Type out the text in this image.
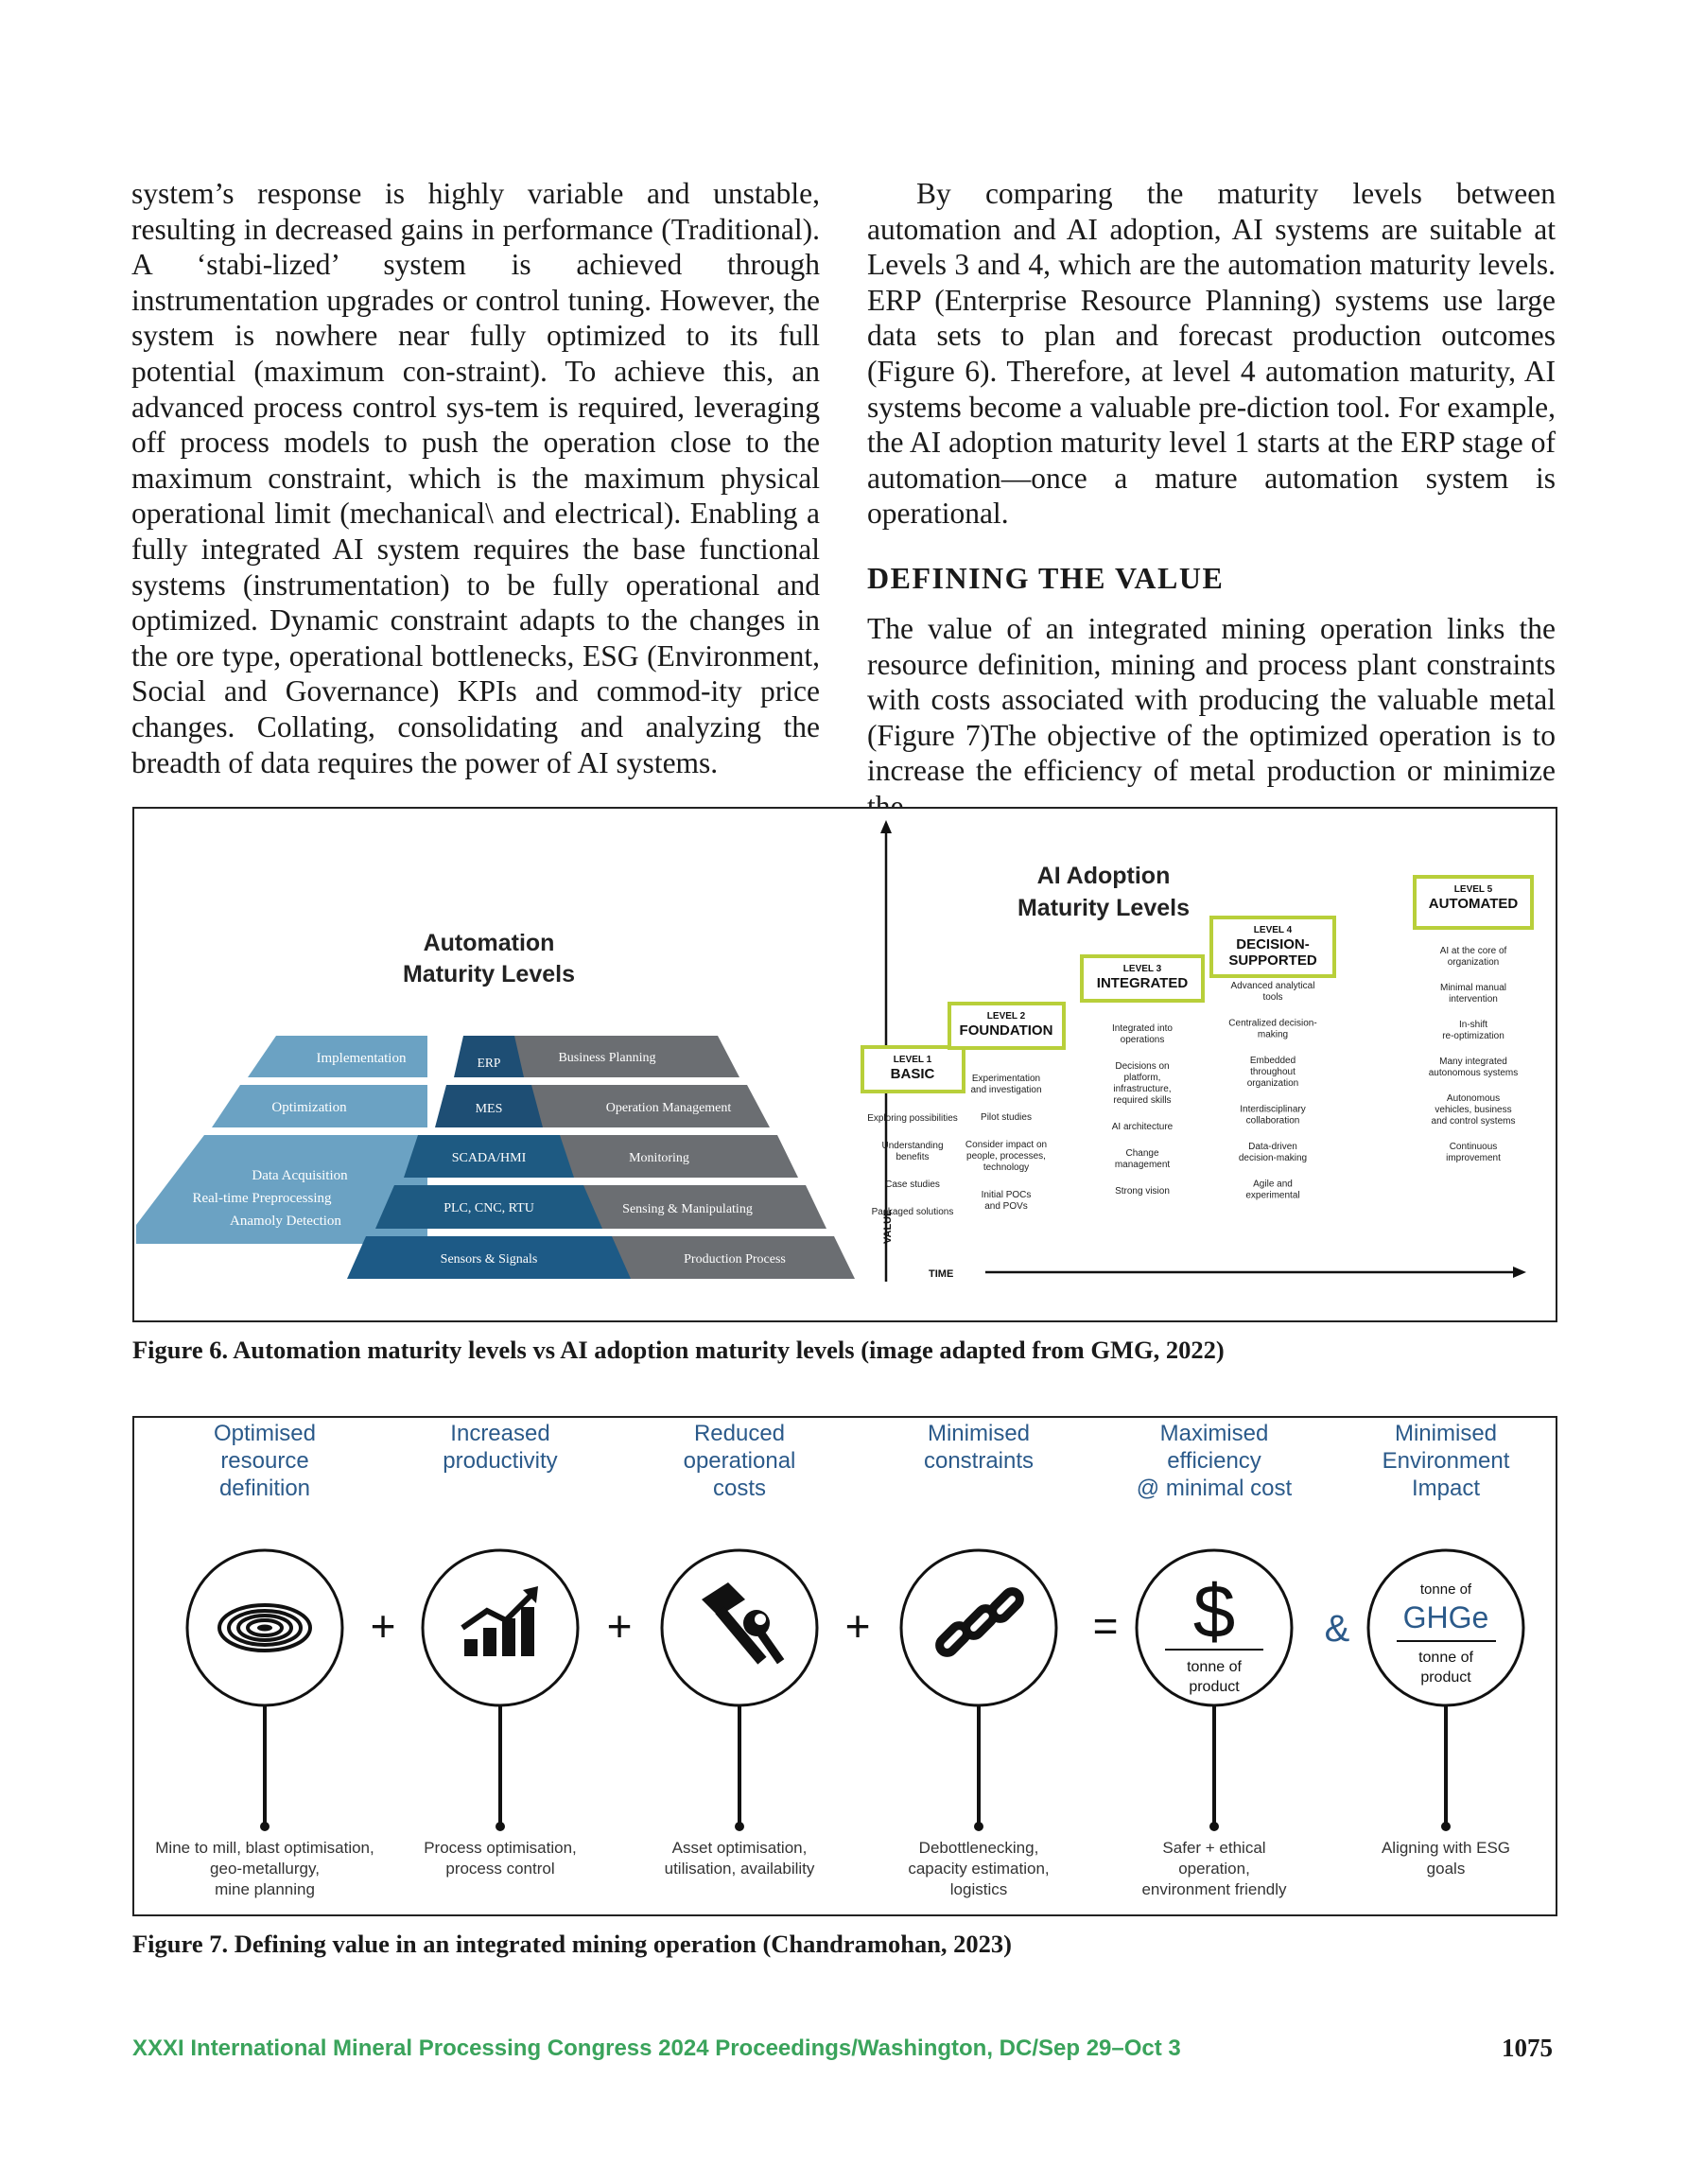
system’s response is highly variable and unstable, resulting in decreased gains in performance (Traditional). A ‘stabi-lized’ system is achieved through instrumentation upgrades or control tuning. However, the system is nowhere near fully optimized to its full potential (maximum con-straint). To achieve this, an advanced process control sys-tem is required, leveraging off process models to push the operation close to the maximum constraint, which is the maximum physical operational limit (mechanical\ and electrical). Enabling a fully integrated AI system requires the base functional systems (instrumentation) to be fully operational and optimized. Dynamic constraint adapts to the changes in the ore type, operational bottlenecks, ESG (Environment, Social and Governance) KPIs and commod-ity price changes. Collating, consolidating and analyzing the breadth of data requires the power of AI systems.

By comparing the maturity levels between automation and AI adoption, AI systems are suitable at Levels 3 and 4, which are the automation maturity levels. ERP (Enterprise Resource Planning) systems use large data sets to plan and forecast production outcomes (Figure 6). Therefore, at level 4 automation maturity, AI systems become a valuable pre-diction tool. For example, the AI adoption maturity level 1 starts at the ERP stage of automation—once a mature automation system is operational.

DEFINING THE VALUE

The value of an integrated mining operation links the resource definition, mining and process plant constraints with costs associated with producing the valuable metal (Figure 7)The objective of the optimized operation is to increase the efficiency of metal production or minimize

Automation
Maturity Levels
Implementation
Optimization
Data Acquisition
Real-time Preprocessing
Anamoly Detection
ERP
MES
SCADA/HMI
PLC, CNC, RTU
Sensors & Signals
Business Planning
Operation Management
Monitoring
Sensing & Manipulating
Production Process
VALUE
TIME
AI Adoption
Maturity Levels
LEVEL 1
BASIC
Exploring possibilities
Understanding
benefits
Case studies
Packaged solutions
LEVEL 2
FOUNDATION
Experimentation
and investigation
Pilot studies
Consider impact on
people, processes,
technology
Initial POCs
and POVs
LEVEL 3
INTEGRATED
Integrated into
operations
Decisions on
platform,
infrastructure,
required skills
AI architecture
Change
management
Strong vision
LEVEL 4
DECISION-
SUPPORTED
Advanced analytical
tools
Centralized decision-
making
Embedded
throughout
organization
Interdisciplinary
collaboration
Data-driven
decision-making
Agile and
experimental
LEVEL 5
AUTOMATED
AI at the core of
organization
Minimal manual
intervention
In-shift
re-optimization
Many integrated
autonomous systems
Autonomous
vehicles, business
and control systems
Continuous
improvement
Figure 6. Automation maturity levels vs AI adoption maturity levels (image adapted from GMG, 2022)
Optimised
resource
definition
Increased
productivity
Reduced
operational
costs
Minimised
constraints
Maximised
efficiency
@ minimal cost
Minimised
Environment
Impact
Mine to mill, blast optimisation,
geo-metallurgy,
mine planning
Process optimisation,
process control
Asset optimisation,
utilisation, availability
Debottlenecking,
capacity estimation,
logistics
Safer + ethical
operation,
environment friendly
Aligning with ESG
goals
$
tonne of
product
tonne of
GHGe
tonne of
product
+	+	+	=	&
Figure 7. Defining value in an integrated mining operation (Chandramohan, 2023)
XXXI International Mineral Processing Congress 2024 Proceedings/Washington, DC/Sep 29–Oct 3	1075
